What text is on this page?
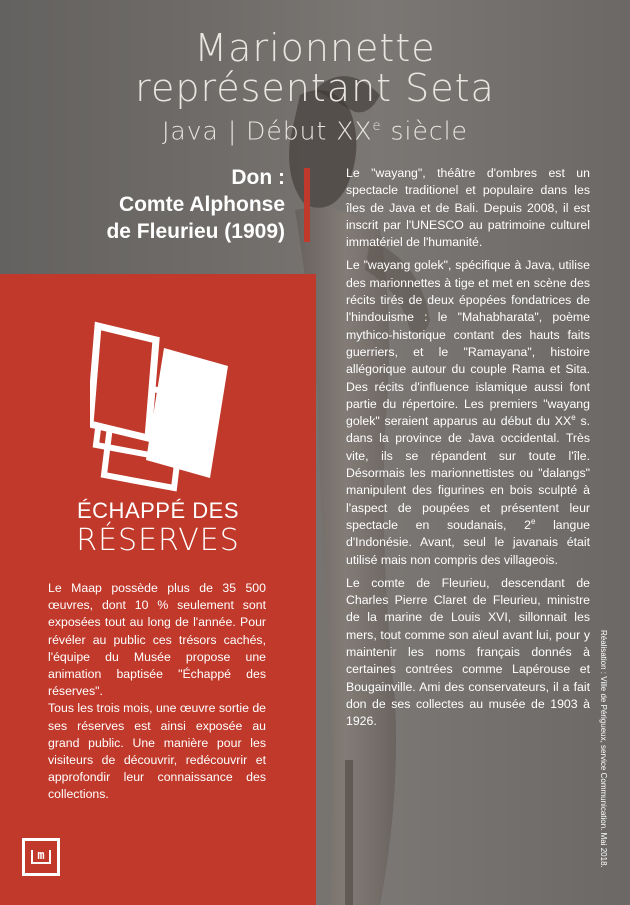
Marionnette
représentant Seta
Java | Début XXe siècle
Don :
Comte Alphonse
de Fleurieu (1909)
ÉCHAPPÉ DES
RÉSERVES

Le Maap possède plus de 35 500 œuvres, dont 10 % seulement sont exposées tout au long de l'année. Pour révéler au public ces trésors cachés, l'équipe du Musée propose une animation baptisée "Échappé des réserves".

Tous les trois mois, une œuvre sortie de ses réserves est ainsi exposée au grand public. Une manière pour les visiteurs de découvrir, redécouvrir et approfondir leur connaissance des collections.

m

Le "wayang", théâtre d'ombres est un spectacle traditionel et populaire dans les îles de Java et de Bali. Depuis 2008, il est inscrit par l'UNESCO au patrimoine culturel immatériel de l'humanité.

Le "wayang golek", spécifique à Java, utilise des marionnettes à tige et met en scène des récits tirés de deux épopées fondatrices de l'hindouisme : le "Mahabharata", poème mythico-historique contant des hauts faits guerriers, et le "Ramayana", histoire allégorique autour du couple Rama et Sita. Des récits d'influence islamique aussi font partie du répertoire. Les premiers "wayang golek" seraient apparus au début du XXe s. dans la province de Java occidental. Très vite, ils se répandent sur toute l'île. Désormais les marionnettistes ou "dalangs" manipulent des figurines en bois sculpté à l'aspect de poupées et présentent leur spectacle en soudanais, 2e langue d'Indonésie. Avant, seul le javanais était utilisé mais non compris des villageois.

Le comte de Fleurieu, descendant de Charles Pierre Claret de Fleurieu, ministre de la marine de Louis XVI, sillonnait les mers, tout comme son aïeul avant lui, pour y maintenir les noms français donnés à certaines contrées comme Lapérouse et Bougainville. Ami des conservateurs, il a fait don de ses collectes au musée de 1903 à 1926.	Réalisation : Ville de Périgueux, service Communication. Mai 2018.
